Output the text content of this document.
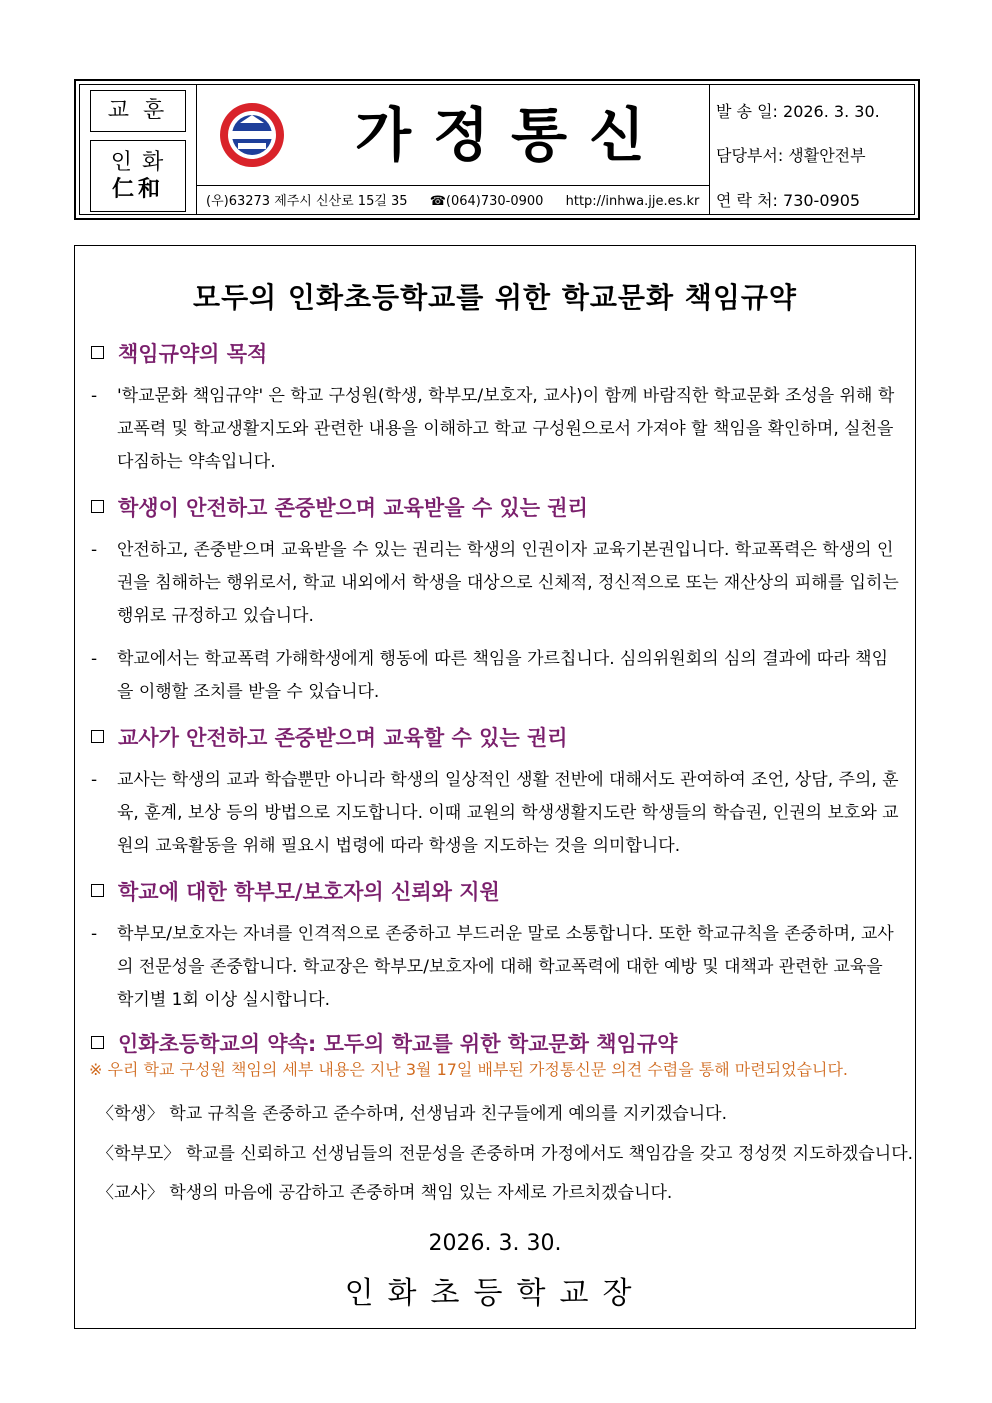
교훈
인화
仁和
가정통신
(우)63273 제주시 신산로 15길 35 ☎(064)730-0900 http://inhwa.jje.es.kr
발 송 일: 2026. 3. 30.
담당부서: 생활안전부
연 락 처: 730-0905
모두의 인화초등학교를 위한 학교문화 책임규약
책임규약의 목적
- '학교문화 책임규약' 은 학교 구성원(학생, 학부모/보호자, 교사)이 함께 바람직한 학교문화 조성을 위해 학교폭력 및 학교생활지도와 관련한 내용을 이해하고 학교 구성원으로서 가져야 할 책임을 확인하며, 실천을 다짐하는 약속입니다.
학생이 안전하고 존중받으며 교육받을 수 있는 권리
- 안전하고, 존중받으며 교육받을 수 있는 권리는 학생의 인권이자 교육기본권입니다. 학교폭력은 학생의 인권을 침해하는 행위로서, 학교 내외에서 학생을 대상으로 신체적, 정신적으로 또는 재산상의 피해를 입히는 행위로 규정하고 있습니다.
- 학교에서는 학교폭력 가해학생에게 행동에 따른 책임을 가르칩니다. 심의위원회의 심의 결과에 따라 책임을 이행할 조치를 받을 수 있습니다.
교사가 안전하고 존중받으며 교육할 수 있는 권리
- 교사는 학생의 교과 학습뿐만 아니라 학생의 일상적인 생활 전반에 대해서도 관여하여 조언, 상담, 주의, 훈육, 훈계, 보상 등의 방법으로 지도합니다. 이때 교원의 학생생활지도란 학생들의 학습권, 인권의 보호와 교원의 교육활동을 위해 필요시 법령에 따라 학생을 지도하는 것을 의미합니다.
학교에 대한 학부모/보호자의 신뢰와 지원
- 학부모/보호자는 자녀를 인격적으로 존중하고 부드러운 말로 소통합니다. 또한 학교규칙을 존중하며, 교사의 전문성을 존중합니다. 학교장은 학부모/보호자에 대해 학교폭력에 대한 예방 및 대책과 관련한 교육을 학기별 1회 이상 실시합니다.
인화초등학교의 약속: 모두의 학교를 위한 학교문화 책임규약
※ 우리 학교 구성원 책임의 세부 내용은 지난 3월 17일 배부된 가정통신문 의견 수렴을 통해 마련되었습니다.
〈학생〉 학교 규칙을 존중하고 준수하며, 선생님과 친구들에게 예의를 지키겠습니다.
〈학부모〉 학교를 신뢰하고 선생님들의 전문성을 존중하며 가정에서도 책임감을 갖고 정성껏 지도하겠습니다.
〈교사〉 학생의 마음에 공감하고 존중하며 책임 있는 자세로 가르치겠습니다.
2026. 3. 30.
인화초등학교장
